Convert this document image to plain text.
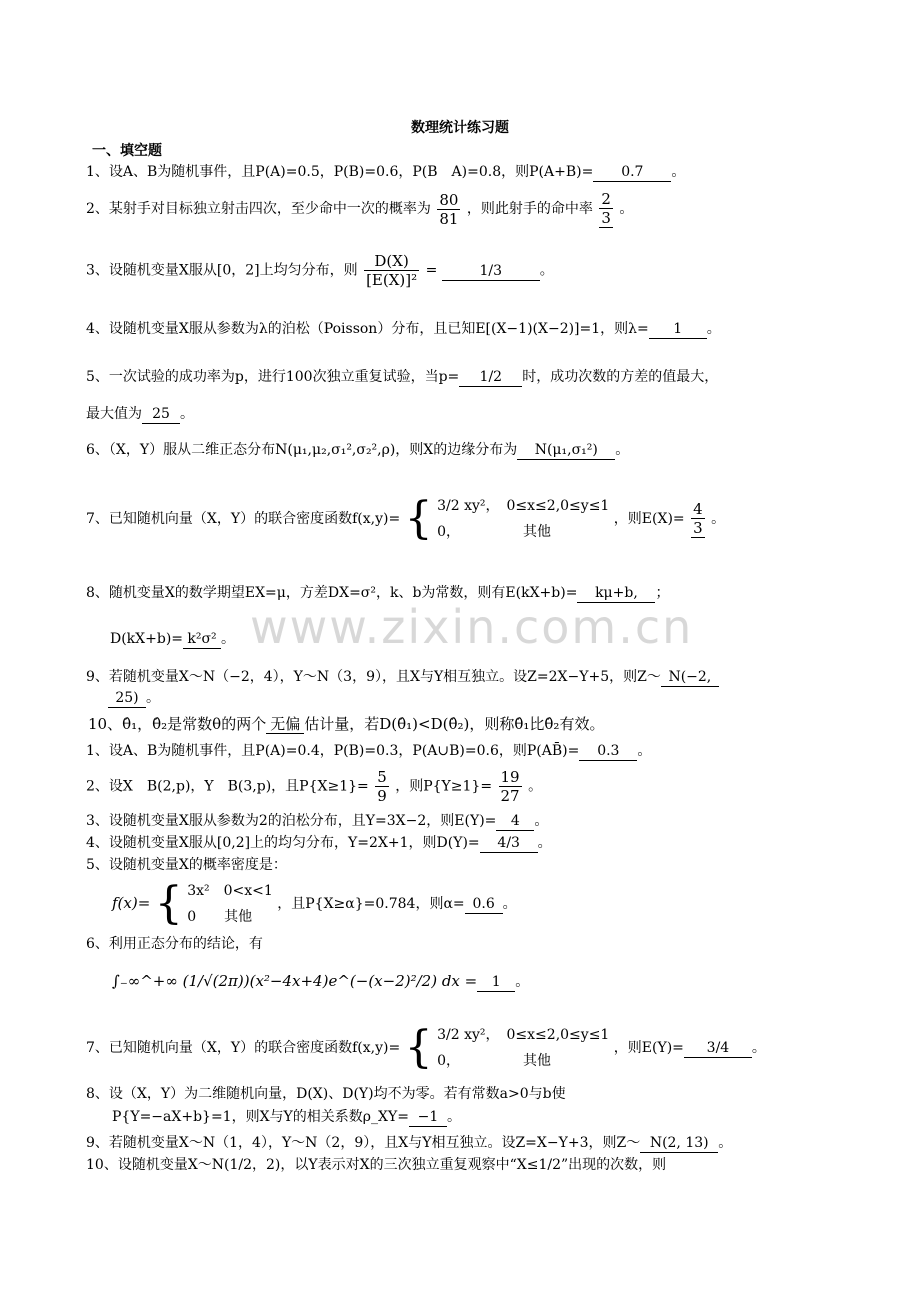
www.zixin.com.cn
数理统计练习题
一、填空题
1、设A、B为随机事件，且P(A)=0.5，P(B)=0.6，P(B　A)=0.8，则P(A+B)= 0.7 。
2、某射手对目标独立射击四次，至少命中一次的概率为 $\frac{80}{81}$ ，则此射手的命中率 $\frac{2}{3}$ 。
3、设随机变量X服从[0，2]上均匀分布，则 $\frac{D(X)}{\text{[E(X)]²}}$ =	1/3	。
4、设随机变量X服从参数为λ的泊松（Poisson）分布，且已知E[(X−1)(X−2)]=1，则λ= 1 。
5、一次试验的成功率为p，进行100次独立重复试验，当p= 1/2 时，成功次数的方差的值最大，
最大值为 25 。
6、（X，Y）服从二维正态分布N(μ₁,μ₂,σ₁²,σ₂²,ρ)，则X的边缘分布为 N(μ₁,σ₁²) 。
7、已知随机向量（X，Y）的联合密度函数f(x,y)= { 3/2 xy²，　0≤x≤2,0≤y≤1
0，　　　　　其他
，则$E(X)= \frac{4}{3}$ 。
8、随机变量X的数学期望EX=μ，方差DX=σ²，k、b为常数，则有E(kX+b)= kμ+b, ；
D(kX+b)= k²σ² 。
9、若随机变量X～N（−2，4），Y～N（3，9），且X与Y相互独立。设Z=2X−Y+5，则Z～ N(−2,
25) 。
10、θ̂₁，θ̂₂是常数θ的两个 无偏 估计量，若D(θ̂₁)<D(θ̂₂)，则称θ̂₁比θ̂₂有效。
1、设A、B为随机事件，且P(A)=0.4，P(B)=0.3，P(A∪B)=0.6，则P(AB̄)= 0.3 。
2、设X　B(2,p)，Y　B(3,p)，且$P\{X\ge 1\}= \frac{5}{9}$ ，则$P\{Y\ge 1\}= \frac{19}{27}$ 。
3、设随机变量X服从参数为2的泊松分布，且Y=3X−2，则E(Y)= 4 。
4、设随机变量X服从[0,2]上的均匀分布，Y=2X+1，则D(Y)= 4/3 。
5、设随机变量X的概率密度是：
f(x)= { 3x²　0<x<1
0　　其他
，且P{X≥α}=0.784，则α= 0.6 。
6、利用正态分布的结论，有
∫₋∞^+∞ (1/√(2π))(x²−4x+4)e^(−(x−2)²/2) dx = 1 。
7、已知随机向量（X，Y）的联合密度函数f(x,y)= { 3/2 xy²，　0≤x≤2,0≤y≤1
0，　　　　　其他
，则E(Y)= 3/4 。
8、设（X，Y）为二维随机向量，D(X)、D(Y)均不为零。若有常数a>0与b使
P{Y=−aX+b}=1，则X与Y的相关系数ρ_XY= −1 。
9、若随机变量X～N（1，4），Y～N（2，9），且X与Y相互独立。设Z=X−Y+3，则Z～ N(2, 13) 。
10、设随机变量X～N(1/2，2)，以Y表示对X的三次独立重复观察中“X≤1/2”出现的次数，则
